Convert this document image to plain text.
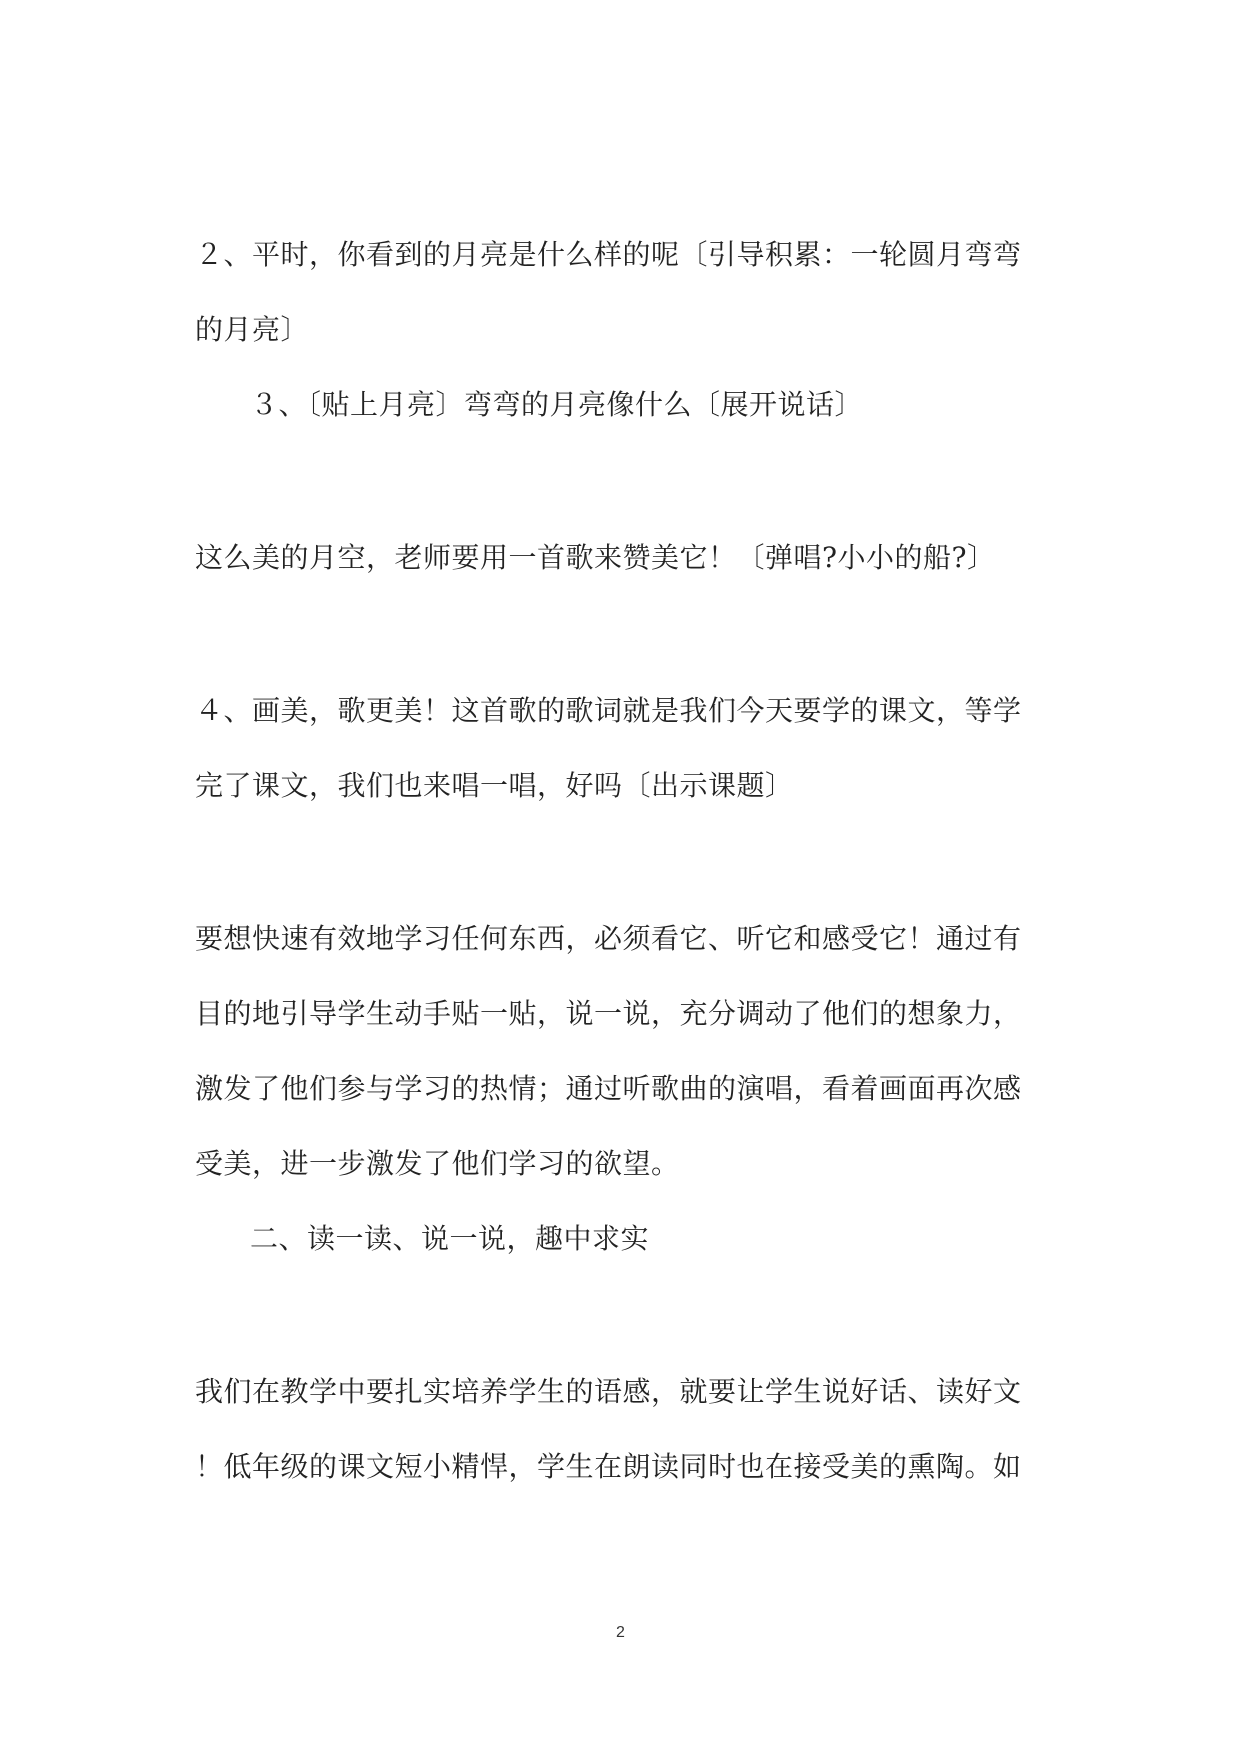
２、平时，你看到的月亮是什么样的呢〔引导积累：一轮圆月弯弯
的月亮〕
３、〔贴上月亮〕弯弯的月亮像什么〔展开说话〕
这么美的月空，老师要用一首歌来赞美它！〔弹唱?小小的船?〕
４、画美，歌更美！这首歌的歌词就是我们今天要学的课文，等学
完了课文，我们也来唱一唱，好吗〔出示课题〕
要想快速有效地学习任何东西，必须看它、听它和感受它！通过有
目的地引导学生动手贴一贴，说一说，充分调动了他们的想象力，
激发了他们参与学习的热情；通过听歌曲的演唱，看着画面再次感
受美，进一步激发了他们学习的欲望。
二、读一读、说一说，趣中求实
我们在教学中要扎实培养学生的语感，就要让学生说好话、读好文
！低年级的课文短小精悍，学生在朗读同时也在接受美的熏陶。如
2
